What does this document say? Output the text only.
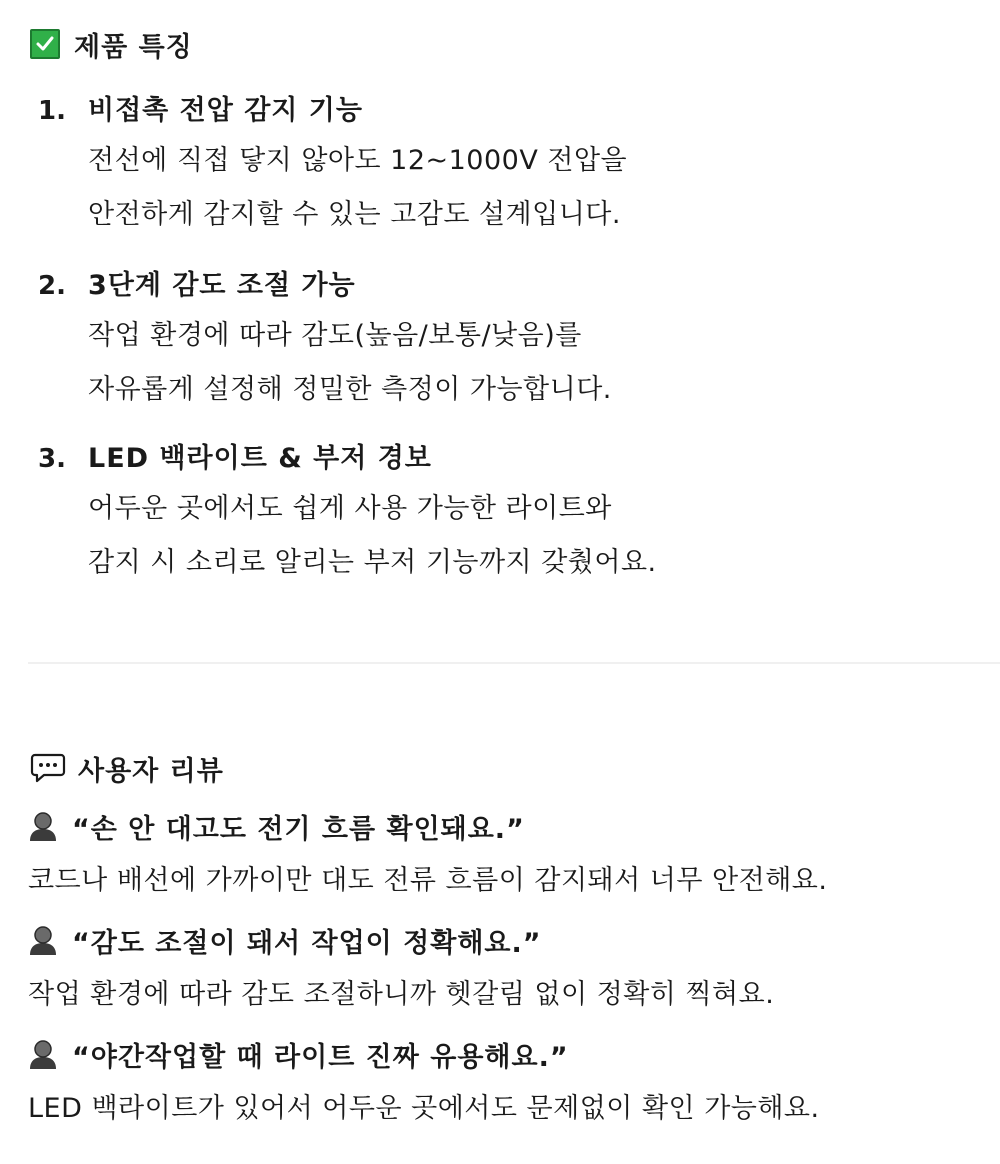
제품 특징
1. 비접촉 전압 감지 기능
전선에 직접 닿지 않아도 12~1000V 전압을
안전하게 감지할 수 있는 고감도 설계입니다.
2. 3단계 감도 조절 가능
작업 환경에 따라 감도(높음/보통/낮음)를
자유롭게 설정해 정밀한 측정이 가능합니다.
3. LED 백라이트 & 부저 경보
어두운 곳에서도 쉽게 사용 가능한 라이트와
감지 시 소리로 알리는 부저 기능까지 갖췄어요.
사용자 리뷰
“손 안 대고도 전기 흐름 확인돼요.”
코드나 배선에 가까이만 대도 전류 흐름이 감지돼서 너무 안전해요.
“감도 조절이 돼서 작업이 정확해요.”
작업 환경에 따라 감도 조절하니까 헷갈림 없이 정확히 찍혀요.
“야간작업할 때 라이트 진짜 유용해요.”
LED 백라이트가 있어서 어두운 곳에서도 문제없이 확인 가능해요.
